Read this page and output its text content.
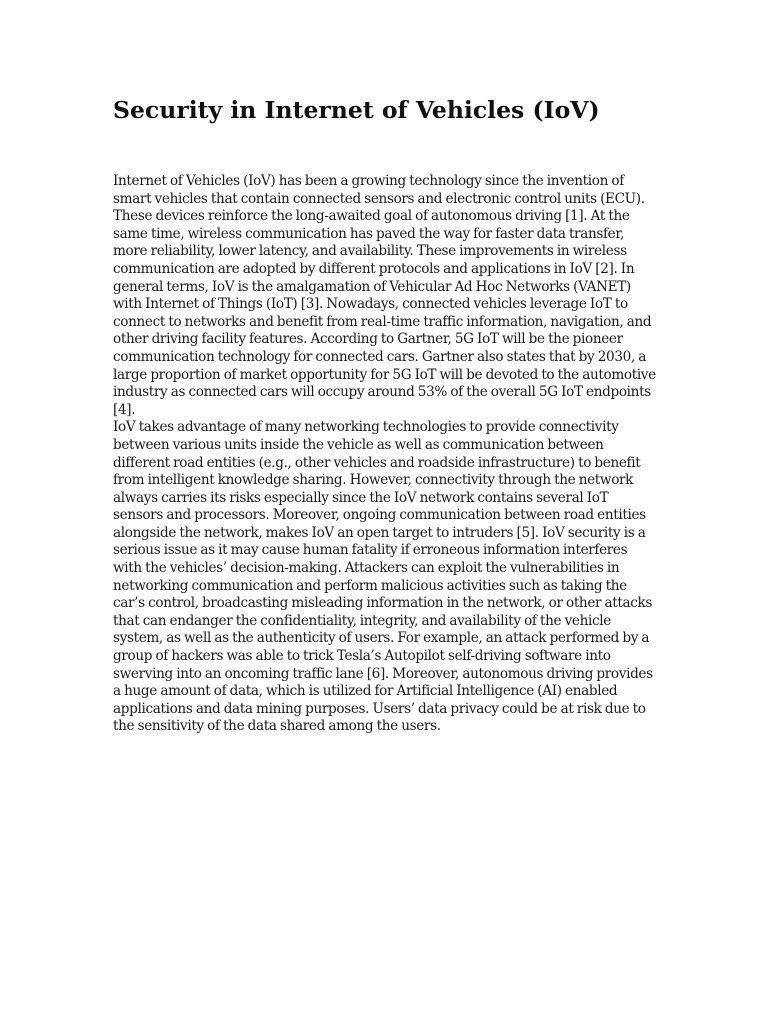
Security in Internet of Vehicles (IoV)

Internet of Vehicles (IoV) has been a growing technology since the invention of smart vehicles that contain connected sensors and electronic control units (ECU). These devices reinforce the long-awaited goal of autonomous driving [1]. At the same time, wireless communication has paved the way for faster data transfer, more reliability, lower latency, and availability. These improvements in wireless communication are adopted by different protocols and applications in IoV [2]. In general terms, IoV is the amalgamation of Vehicular Ad Hoc Networks (VANET) with Internet of Things (IoT) [3]. Nowadays, connected vehicles leverage IoT to connect to networks and benefit from real-time traffic information, navigation, and other driving facility features. According to Gartner, 5G IoT will be the pioneer communication technology for connected cars. Gartner also states that by 2030, a large proportion of market opportunity for 5G IoT will be devoted to the automotive industry as connected cars will occupy around 53% of the overall 5G IoT endpoints [4].

IoV takes advantage of many networking technologies to provide connectivity between various units inside the vehicle as well as communication between different road entities (e.g., other vehicles and roadside infrastructure) to benefit from intelligent knowledge sharing. However, connectivity through the network always carries its risks especially since the IoV network contains several IoT sensors and processors. Moreover, ongoing communication between road entities alongside the network, makes IoV an open target to intruders [5]. IoV security is a serious issue as it may cause human fatality if erroneous information interferes with the vehicles’ decision-making. Attackers can exploit the vulnerabilities in networking communication and perform malicious activities such as taking the car’s control, broadcasting misleading information in the network, or other attacks that can endanger the confidentiality, integrity, and availability of the vehicle system, as well as the authenticity of users. For example, an attack performed by a group of hackers was able to trick Tesla’s Autopilot self-driving software into swerving into an oncoming traffic lane [6]. Moreover, autonomous driving provides a huge amount of data, which is utilized for Artificial Intelligence (AI) enabled applications and data mining purposes. Users’ data privacy could be at risk due to the sensitivity of the data shared among the users.
